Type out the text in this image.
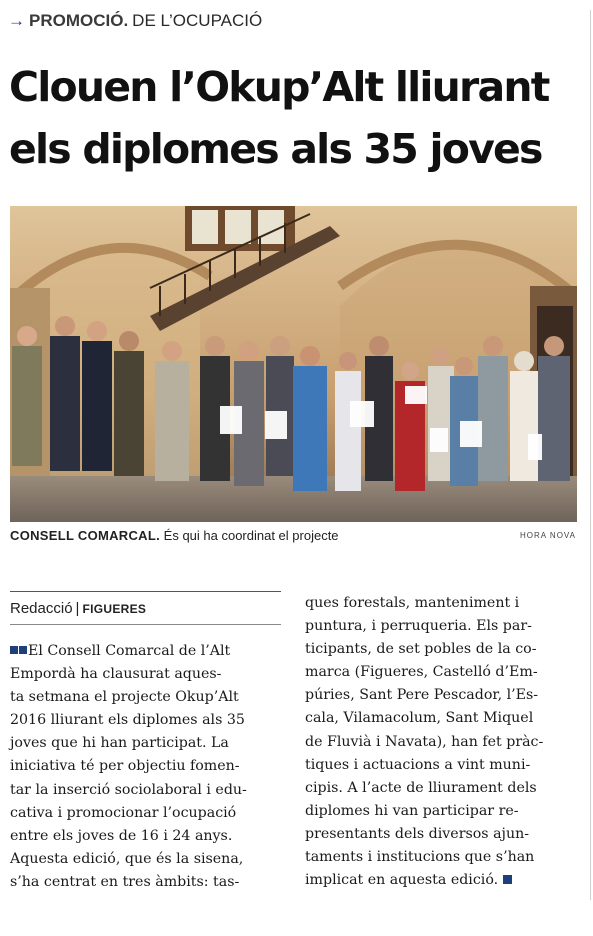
→ PROMOCIÓ. DE L’OCUPACIÓ
Clouen l’Okup’Alt lliurant
els diplomes als 35 joves
CONSELL COMARCAL. És qui ha coordinat el projecte	HORA NOVA
Redacció | FIGUERES
El Consell Comarcal de l’Alt
Empordà ha clausurat aques-
ta setmana el projecte Okup’Alt
2016 lliurant els diplomes als 35
joves que hi han participat. La
iniciativa té per objectiu fomen-
tar la inserció sociolaboral i edu-
cativa i promocionar l’ocupació
entre els joves de 16 i 24 anys.
Aquesta edició, que és la sisena,
s’ha centrat en tres àmbits: tas-
ques forestals, manteniment i
puntura, i perruqueria. Els par-
ticipants, de set pobles de la co-
marca (Figueres, Castelló d’Em-
púries, Sant Pere Pescador, l’Es-
cala, Vilamacolum, Sant Miquel
de Fluvià i Navata), han fet pràc-
tiques i actuacions a vint muni-
cipis. A l’acte de lliurament dels
diplomes hi van participar re-
presentants dels diversos ajun-
taments i institucions que s’han
implicat en aquesta edició.
